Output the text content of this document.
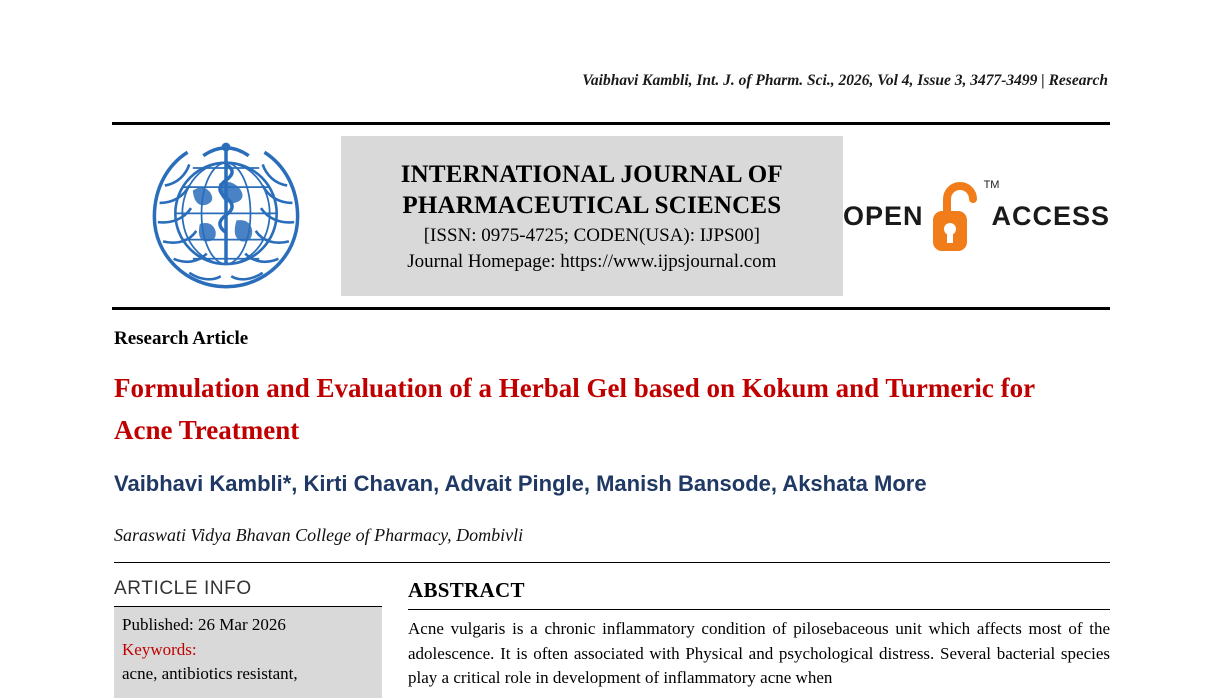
Vaibhavi Kambli, Int. J. of Pharm. Sci., 2026, Vol 4, Issue 3, 3477-3499 | Research
INTERNATIONAL JOURNAL OF PHARMACEUTICAL SCIENCES
[ISSN: 0975-4725; CODEN(USA): IJPS00]
Journal Homepage: https://www.ijpsjournal.com
OPEN
TM
ACCESS
Research Article
Formulation and Evaluation of a Herbal Gel based on Kokum and Turmeric for Acne Treatment
Vaibhavi Kambli*, Kirti Chavan, Advait Pingle, Manish Bansode, Akshata More
Saraswati Vidya Bhavan College of Pharmacy, Dombivli
ARTICLE INFO
Published: 26 Mar 2026
Keywords:
acne, antibiotics resistant,
ABSTRACT
Acne vulgaris is a chronic inflammatory condition of pilosebaceous unit which affects most of the adolescence. It is often associated with Physical and psychological distress. Several bacterial species play a critical role in development of inflammatory acne when
